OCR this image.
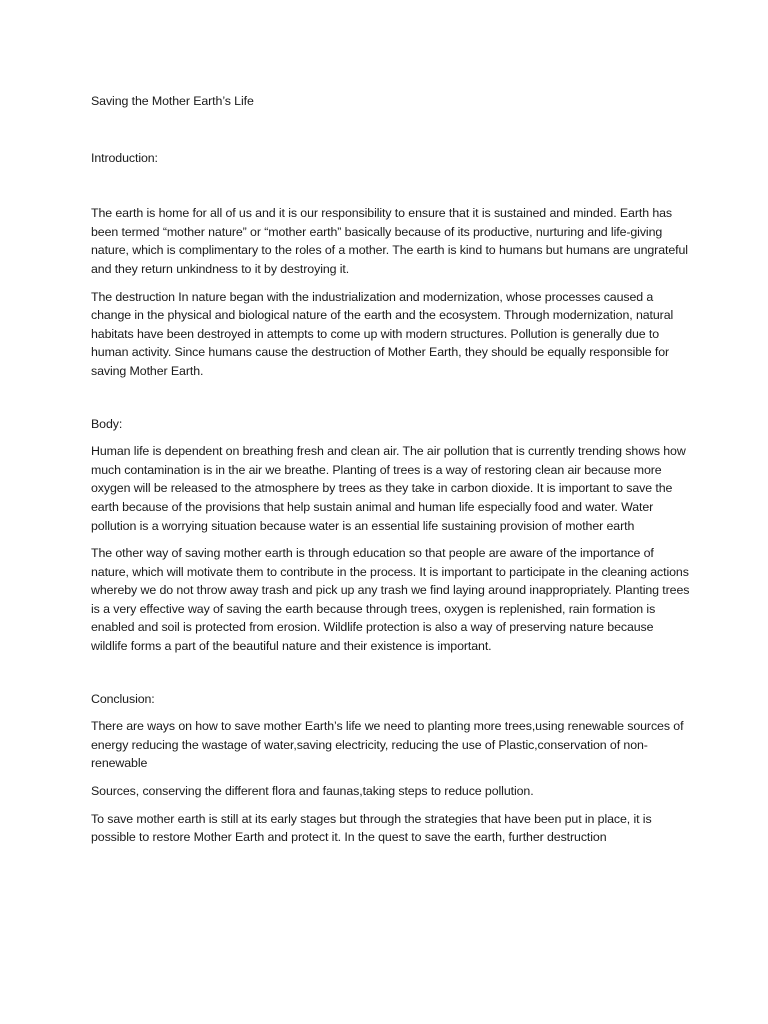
Saving the Mother Earth’s Life

Introduction:

The earth is home for all of us and it is our responsibility to ensure that it is sustained and minded. Earth has been termed “mother nature” or “mother earth” basically because of its productive, nurturing and life-giving nature, which is complimentary to the roles of a mother. The earth is kind to humans but humans are ungrateful and they return unkindness to it by destroying it.

The destruction In nature began with the industrialization and modernization, whose processes caused a change in the physical and biological nature of the earth and the ecosystem. Through modernization, natural habitats have been destroyed in attempts to come up with modern structures. Pollution is generally due to human activity. Since humans cause the destruction of Mother Earth, they should be equally responsible for saving Mother Earth.

Body:

Human life is dependent on breathing fresh and clean air. The air pollution that is currently trending shows how much contamination is in the air we breathe. Planting of trees is a way of restoring clean air because more oxygen will be released to the atmosphere by trees as they take in carbon dioxide. It is important to save the earth because of the provisions that help sustain animal and human life especially food and water. Water pollution is a worrying situation because water is an essential life sustaining provision of mother earth

The other way of saving mother earth is through education so that people are aware of the importance of nature, which will motivate them to contribute in the process. It is important to participate in the cleaning actions whereby we do not throw away trash and pick up any trash we find laying around inappropriately. Planting trees is a very effective way of saving the earth because through trees, oxygen is replenished, rain formation is enabled and soil is protected from erosion. Wildlife protection is also a way of preserving nature because wildlife forms a part of the beautiful nature and their existence is important.

Conclusion:

There are ways on how to save mother Earth’s life we need to planting more trees,using renewable sources of energy reducing the wastage of water,saving electricity, reducing the use of Plastic,conservation of non-renewable

Sources, conserving the different flora and faunas,taking steps to reduce pollution.

To save mother earth is still at its early stages but through the strategies that have been put in place, it is possible to restore Mother Earth and protect it. In the quest to save the earth, further destruction
